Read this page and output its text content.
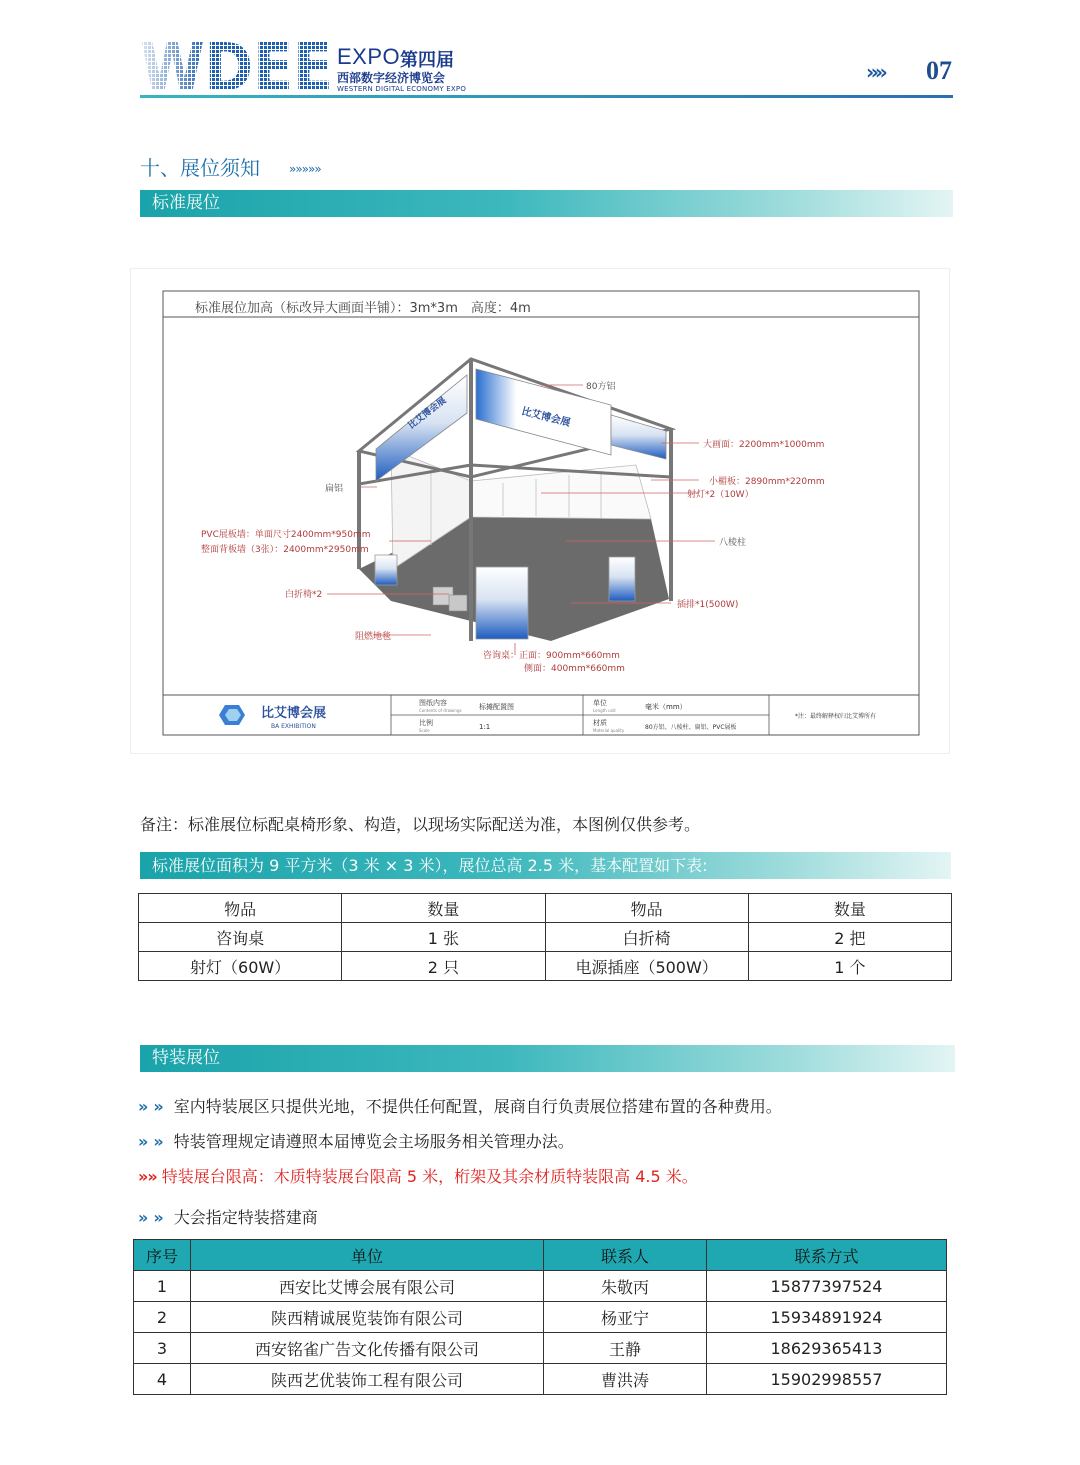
EXPO 第四届
西部数字经济博览会
WESTERN DIGITAL ECONOMY EXPO
»» 07
十、展位须知 »»»»»
标准展位
标准展位加高（标改异大画面半铺）：3m*3m　高度：4m
比艾博会展
比艾博会展
80方铝
大画面：2200mm*1000mm
扁铝
小楣板：2890mm*220mm
射灯*2（10W）
PVC展板墙：单面尺寸2400mm*950mm
整面背板墙（3张）：2400mm*2950mm
八棱柱
白折椅*2
插排*1(500W)
阻燃地毯
咨询桌：正面：900mm*660mm
侧面：400mm*660mm
比艾博会展
BA EXHIBITION
图纸内容
Contents of drawings 标摊配置图
比例
Scale	1:1
单位
Length unit	毫米（mm）
材质
Material quality	80方铝、八棱柱、扁铝、PVC展板
*注：最终解释权归比艾博所有
备注：标准展位标配桌椅形象、构造，以现场实际配送为准，本图例仅供参考。
标准展位面积为 9 平方米（3 米 × 3 米），展位总高 2.5 米，基本配置如下表:
物品	数量	物品	数量
咨询桌	1 张	白折椅	2 把
射灯（60W）	2 只	电源插座（500W）	1 个
特装展位
» » 室内特装展区只提供光地，不提供任何配置，展商自行负责展位搭建布置的各种费用。
» » 特装管理规定请遵照本届博览会主场服务相关管理办法。
» » 特装展台限高：木质特装展台限高 5 米，桁架及其余材质特装限高 4.5 米。
» » 大会指定特装搭建商
序号	单位	联系人	联系方式
1	西安比艾博会展有限公司	朱敬丙	15877397524
2	陕西精诚展览装饰有限公司	杨亚宁	15934891924
3	西安铭雀广告文化传播有限公司	王静	18629365413
4	陕西艺优装饰工程有限公司	曹洪涛	15902998557
